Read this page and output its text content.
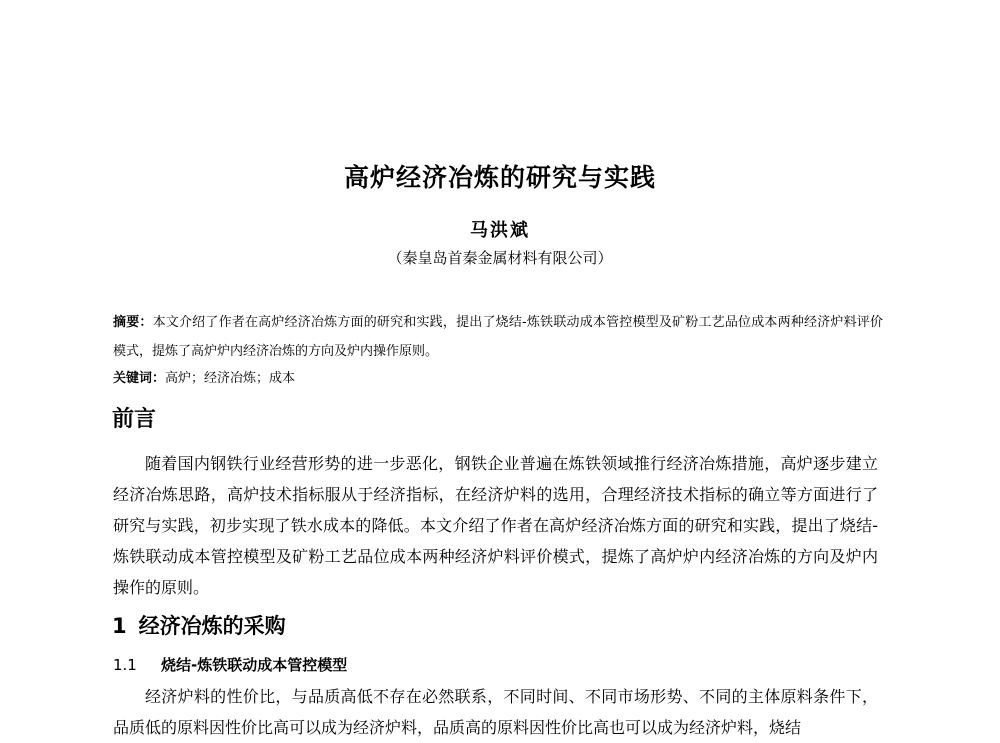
高炉经济冶炼的研究与实践
马洪斌
（秦皇岛首秦金属材料有限公司）
摘要：本文介绍了作者在高炉经济冶炼方面的研究和实践，提出了烧结-炼铁联动成本管控模型及矿粉工艺品位成本两种经济炉料评价模式，提炼了高炉炉内经济冶炼的方向及炉内操作原则。
关键词：高炉；经济冶炼；成本
前言
随着国内钢铁行业经营形势的进一步恶化，钢铁企业普遍在炼铁领域推行经济冶炼措施，高炉逐步建立经济冶炼思路，高炉技术指标服从于经济指标，在经济炉料的选用，合理经济技术指标的确立等方面进行了研究与实践，初步实现了铁水成本的降低。本文介绍了作者在高炉经济冶炼方面的研究和实践，提出了烧结-炼铁联动成本管控模型及矿粉工艺品位成本两种经济炉料评价模式，提炼了高炉炉内经济冶炼的方向及炉内操作的原则。
1 经济冶炼的采购
1.1 烧结-炼铁联动成本管控模型
经济炉料的性价比，与品质高低不存在必然联系，不同时间、不同市场形势、不同的主体原料条件下，品质低的原料因性价比高可以成为经济炉料，品质高的原料因性价比高也可以成为经济炉料，烧结
